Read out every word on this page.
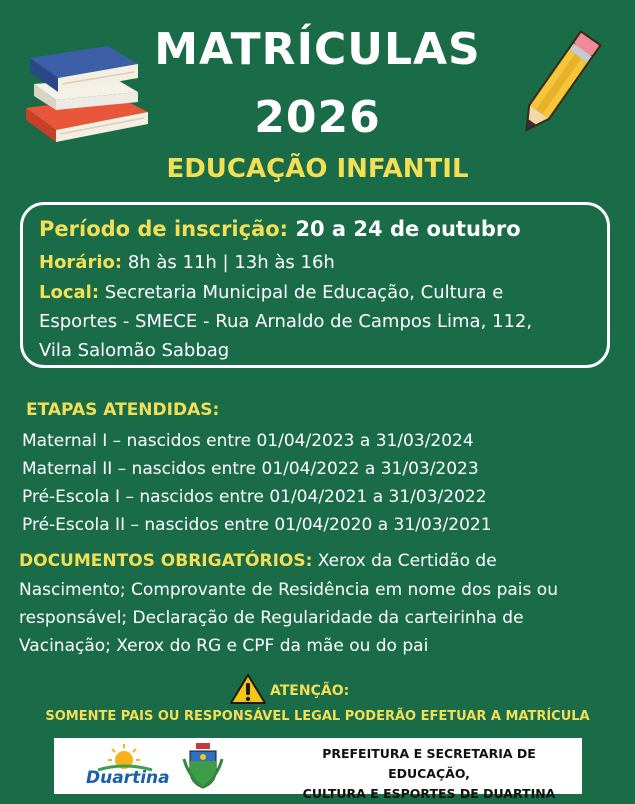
MATRÍCULAS
2026
EDUCAÇÃO INFANTIL
Período de inscrição: 20 a 24 de outubro
Horário: 8h às 11h | 13h às 16h
Local: Secretaria Municipal de Educação, Cultura e
Esportes - SMECE - Rua Arnaldo de Campos Lima, 112,
Vila Salomão Sabbag
ETAPAS ATENDIDAS:
Maternal I – nascidos entre 01/04/2023 a 31/03/2024
Maternal II – nascidos entre 01/04/2022 a 31/03/2023
Pré-Escola I – nascidos entre 01/04/2021 a 31/03/2022
Pré-Escola II – nascidos entre 01/04/2020 a 31/03/2021
DOCUMENTOS OBRIGATÓRIOS: Xerox da Certidão de
Nascimento; Comprovante de Residência em nome dos pais ou
responsável; Declaração de Regularidade da carteirinha de
Vacinação; Xerox do RG e CPF da mãe ou do pai
ATENÇÃO:
SOMENTE PAIS OU RESPONSÁVEL LEGAL PODERÃO EFETUAR A MATRÍCULA
Duartina
PREFEITURA E SECRETARIA DE EDUCAÇÃO,
CULTURA E ESPORTES DE DUARTINA
